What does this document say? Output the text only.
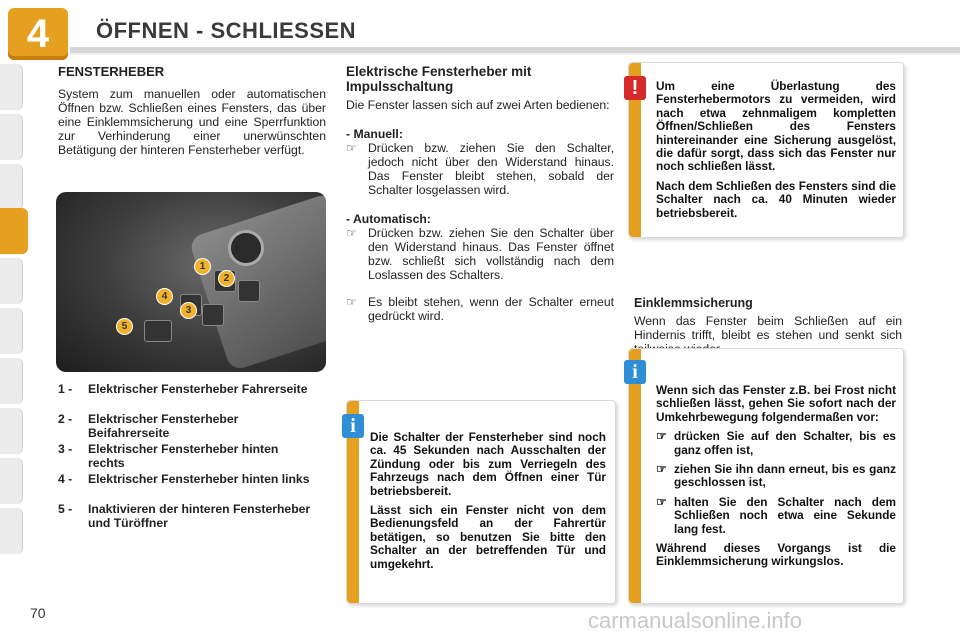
4	ÖFFNEN - SCHLIESSEN
FENSTERHEBER
System zum manuellen oder automatischen Öffnen bzw. Schließen eines Fensters, das über eine Einklemmsicherung und eine Sperrfunktion zur Verhinderung einer unerwünschten Betätigung der hinteren Fensterheber verfügt.
1
2
3
4
5
1 - Elektrischer Fensterheber Fahrerseite
2 - Elektrischer Fensterheber Beifahrerseite
3 - Elektrischer Fensterheber hinten rechts
4 - Elektrischer Fensterheber hinten links
5 - Inaktivieren der hinteren Fensterheber und Türöffner
Elektrische Fensterheber mit Impulsschaltung
Die Fenster lassen sich auf zwei Arten bedienen:
- Manuell:
☞ Drücken bzw. ziehen Sie den Schalter, jedoch nicht über den Widerstand hinaus. Das Fenster bleibt stehen, sobald der Schalter losgelassen wird.
- Automatisch:
☞ Drücken bzw. ziehen Sie den Schalter über den Widerstand hinaus. Das Fenster öffnet bzw. schließt sich vollständig nach dem Loslassen des Schalters.
☞ Es bleibt stehen, wenn der Schalter erneut gedrückt wird.
i	Die Schalter der Fensterheber sind noch ca. 45 Sekunden nach Ausschalten der Zündung oder bis zum Verriegeln des Fahrzeugs nach dem Öffnen einer Tür betriebsbereit.

Lässt sich ein Fenster nicht von dem Bedienungsfeld an der Fahrertür betätigen, so benutzen Sie bitte den Schalter an der betreffenden Tür und umgekehrt.

!	Um eine Überlastung des Fensterhebermotors zu vermeiden, wird nach etwa zehnmaligem kompletten Öffnen/Schließen des Fensters hintereinander eine Sicherung ausgelöst, die dafür sorgt, dass sich das Fenster nur noch schließen lässt.

Nach dem Schließen des Fensters sind die Schalter nach ca. 40 Minuten wieder betriebsbereit.

Einklemmsicherung
Wenn das Fenster beim Schließen auf ein Hindernis trifft, bleibt es stehen und senkt sich
i

Wenn sich das Fenster z.B. bei Frost nicht schließen lässt, gehen Sie sofort nach der Umkehrbewegung folgendermaßen vor:

☞ drücken Sie auf den Schalter, bis es ganz offen ist,
☞ ziehen Sie ihn dann erneut, bis es ganz geschlossen ist,
☞ halten Sie den Schalter nach dem Schließen noch etwa eine Sekunde lang fest.

Während dieses Vorgangs ist die Einklemmsicherung wirkungslos.

70	carmanualsonline.info
